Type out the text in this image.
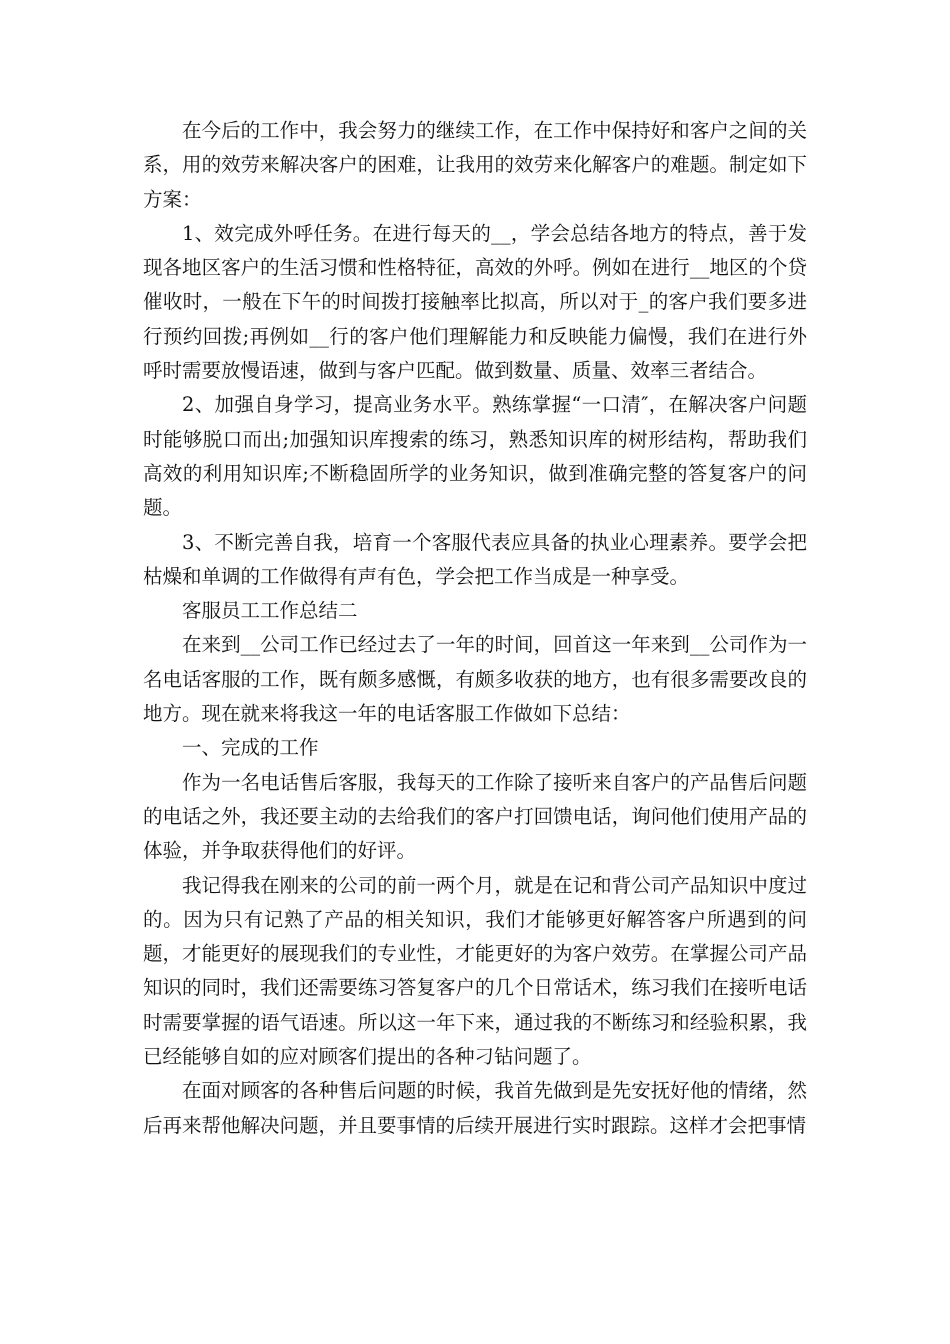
在今后的工作中，我会努力的继续工作，在工作中保持好和客户之间的关系，用的效劳来解决客户的困难，让我用的效劳来化解客户的难题。制定如下方案：

1、效完成外呼任务。在进行每天的__，学会总结各地方的特点，善于发现各地区客户的生活习惯和性格特征，高效的外呼。例如在进行__地区的个贷催收时，一般在下午的时间拨打接触率比拟高，所以对于_的客户我们要多进行预约回拨;再例如__行的客户他们理解能力和反映能力偏慢，我们在进行外呼时需要放慢语速，做到与客户匹配。做到数量、质量、效率三者结合。

2、加强自身学习，提高业务水平。熟练掌握“一口清″，在解决客户问题时能够脱口而出;加强知识库搜索的练习，熟悉知识库的树形结构，帮助我们高效的利用知识库;不断稳固所学的业务知识，做到准确完整的答复客户的问题。

3、不断完善自我，培育一个客服代表应具备的执业心理素养。要学会把枯燥和单调的工作做得有声有色，学会把工作当成是一种享受。

客服员工工作总结二

在来到__公司工作已经过去了一年的时间，回首这一年来到__公司作为一名电话客服的工作，既有颇多感慨，有颇多收获的地方，也有很多需要改良的地方。现在就来将我这一年的电话客服工作做如下总结：

一、完成的工作

作为一名电话售后客服，我每天的工作除了接听来自客户的产品售后问题的电话之外，我还要主动的去给我们的客户打回馈电话，询问他们使用产品的体验，并争取获得他们的好评。

我记得我在刚来的公司的前一两个月，就是在记和背公司产品知识中度过的。因为只有记熟了产品的相关知识，我们才能够更好解答客户所遇到的问题，才能更好的展现我们的专业性，才能更好的为客户效劳。在掌握公司产品知识的同时，我们还需要练习答复客户的几个日常话术，练习我们在接听电话时需要掌握的语气语速。所以这一年下来，通过我的不断练习和经验积累，我已经能够自如的应对顾客们提出的各种刁钻问题了。

在面对顾客的各种售后问题的时候，我首先做到是先安抚好他的情绪，然后再来帮他解决问题，并且要事情的后续开展进行实时跟踪。这样才会把事情
